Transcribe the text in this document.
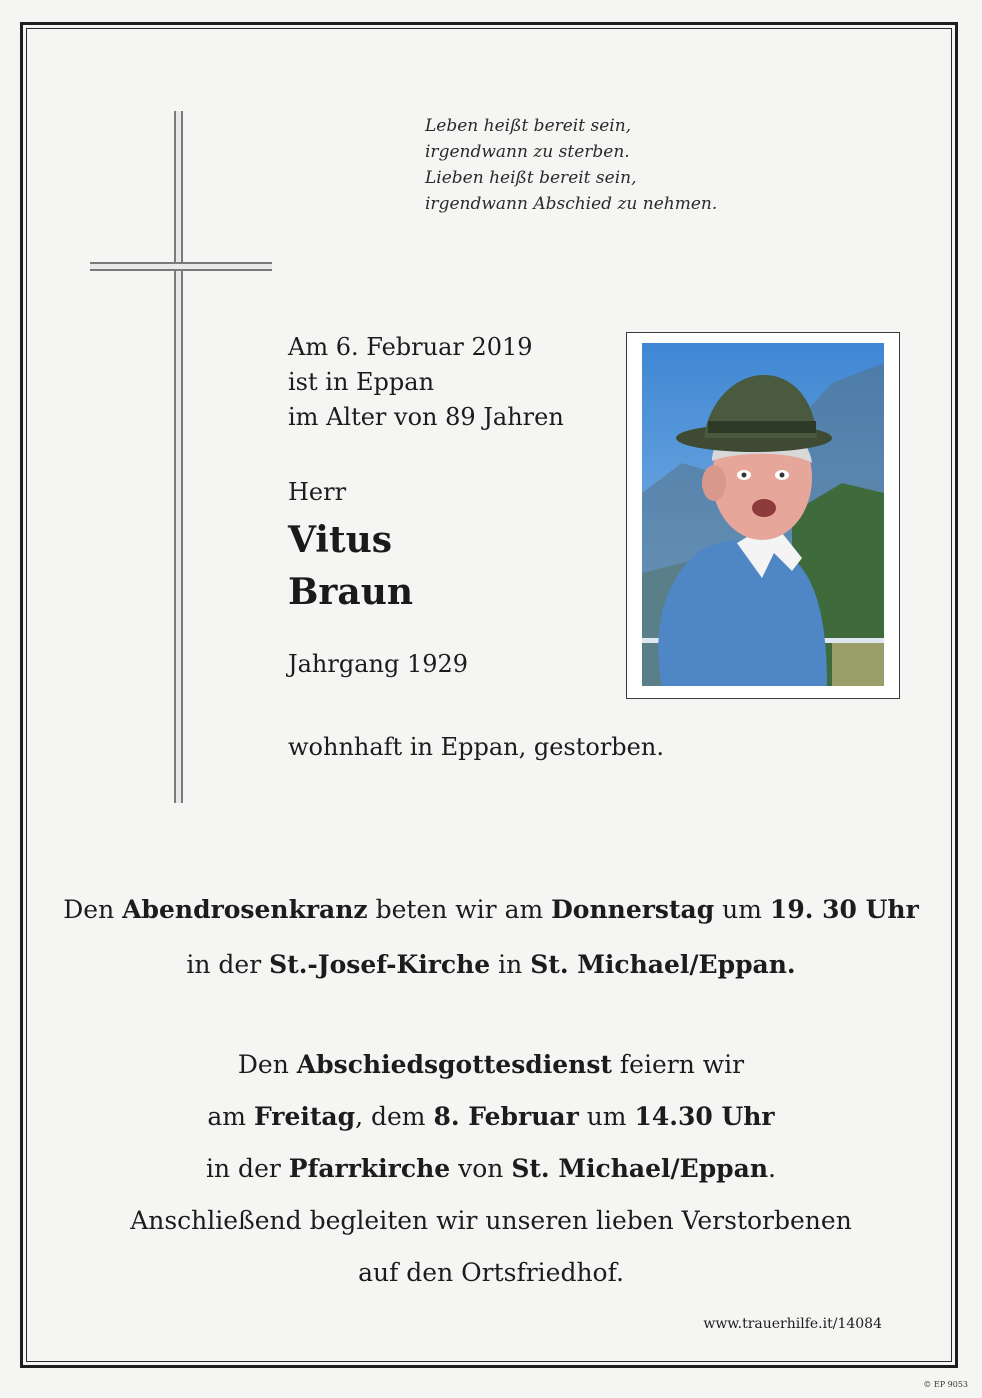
Leben heißt bereit sein,
irgendwann zu sterben.
Lieben heißt bereit sein,
irgendwann Abschied zu nehmen.
Am 6. Februar 2019
ist in Eppan
im Alter von 89 Jahren
Herr
Vitus
Braun
Jahrgang 1929
wohnhaft in Eppan, gestorben.
Den Abendrosenkranz beten wir am Donnerstag um 19. 30 Uhr
in der St.-Josef-Kirche in St. Michael/Eppan.
Den Abschiedsgottesdienst feiern wir
am Freitag, dem 8. Februar um 14.30 Uhr
in der Pfarrkirche von St. Michael/Eppan.
Anschließend begleiten wir unseren lieben Verstorbenen
auf den Ortsfriedhof.
www.trauerhilfe.it/14084
© EP 9053
